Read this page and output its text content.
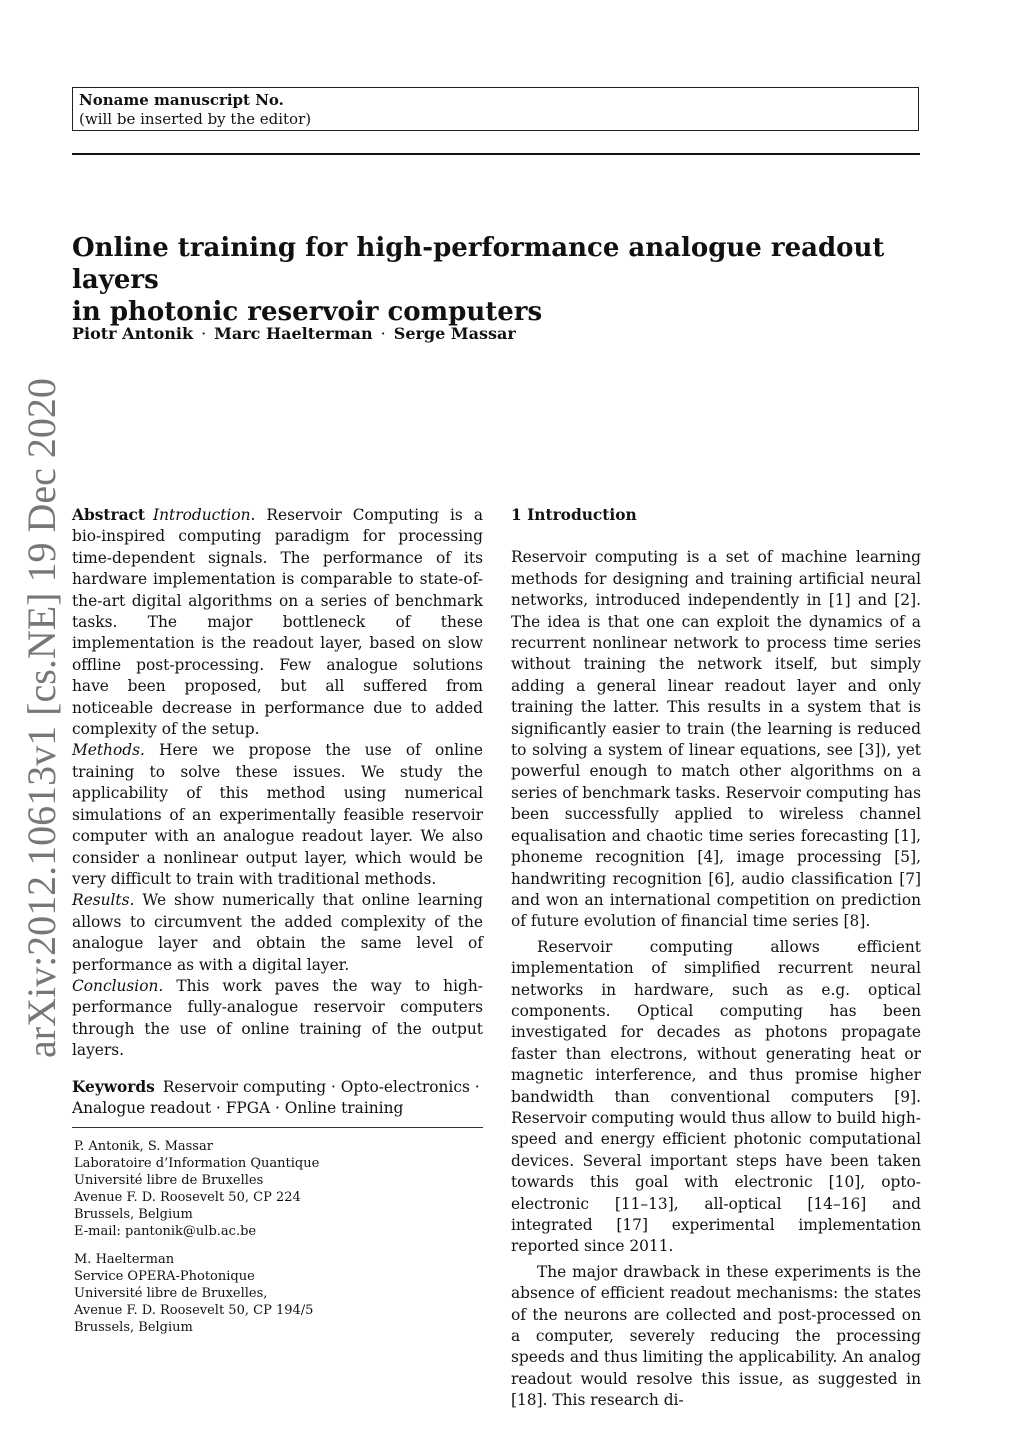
Noname manuscript No.
(will be inserted by the editor)
Online training for high-performance analogue readout layers
in photonic reservoir computers
Piotr Antonik · Marc Haelterman · Serge Massar
arXiv:2012.10613v1 [cs.NE] 19 Dec 2020 Abstract Introduction. Reservoir Computing is a bio-inspired computing paradigm for processing time-dependent signals. The performance of its hardware implementation is comparable to state-of-the-art digital algorithms on a series of benchmark tasks. The major bottleneck of these implementation is the readout layer, based on slow offline post-processing. Few analogue solutions have been proposed, but all suffered from noticeable decrease in performance due to added complexity of the setup.

Methods. Here we propose the use of online training to solve these issues. We study the applicability of this method using numerical simulations of an experimentally feasible reservoir computer with an analogue readout layer. We also consider a nonlinear output layer, which would be very difficult to train with traditional methods.

Results. We show numerically that online learning allows to circumvent the added complexity of the analogue layer and obtain the same level of performance as with a digital layer.

Conclusion. This work paves the way to high-performance fully-analogue reservoir computers through the use of online training of the output layers.

Keywords Reservoir computing · Opto-electronics · Analogue readout · FPGA · Online training

P. Antonik, S. Massar
Laboratoire d’Information Quantique
Université libre de Bruxelles
Avenue F. D. Roosevelt 50, CP 224
Brussels, Belgium
E-mail: pantonik@ulb.ac.be
M. Haelterman
Service OPERA-Photonique
Université libre de Bruxelles,
Avenue F. D. Roosevelt 50, CP 194/5
Brussels, Belgium

1 Introduction

Reservoir computing is a set of machine learning methods for designing and training artificial neural networks, introduced independently in [1] and [2]. The idea is that one can exploit the dynamics of a recurrent nonlinear network to process time series without training the network itself, but simply adding a general linear readout layer and only training the latter. This results in a system that is significantly easier to train (the learning is reduced to solving a system of linear equations, see [3]), yet powerful enough to match other algorithms on a series of benchmark tasks. Reservoir computing has been successfully applied to wireless channel equalisation and chaotic time series forecasting [1], phoneme recognition [4], image processing [5], handwriting recognition [6], audio classification [7] and won an international competition on prediction of future evolution of financial time series [8].

Reservoir computing allows efficient implementation of simplified recurrent neural networks in hardware, such as e.g. optical components. Optical computing has been investigated for decades as photons propagate faster than electrons, without generating heat or magnetic interference, and thus promise higher bandwidth than conventional computers [9]. Reservoir computing would thus allow to build high-speed and energy efficient photonic computational devices. Several important steps have been taken towards this goal with electronic [10], opto-electronic [11–13], all-optical [14–16] and integrated [17] experimental implementation reported since 2011.

The major drawback in these experiments is the absence of efficient readout mechanisms: the states of the neurons are collected and post-processed on a computer, severely reducing the processing speeds and thus limiting the applicability. An analog readout would resolve this issue, as suggested in [18]. This research di-
